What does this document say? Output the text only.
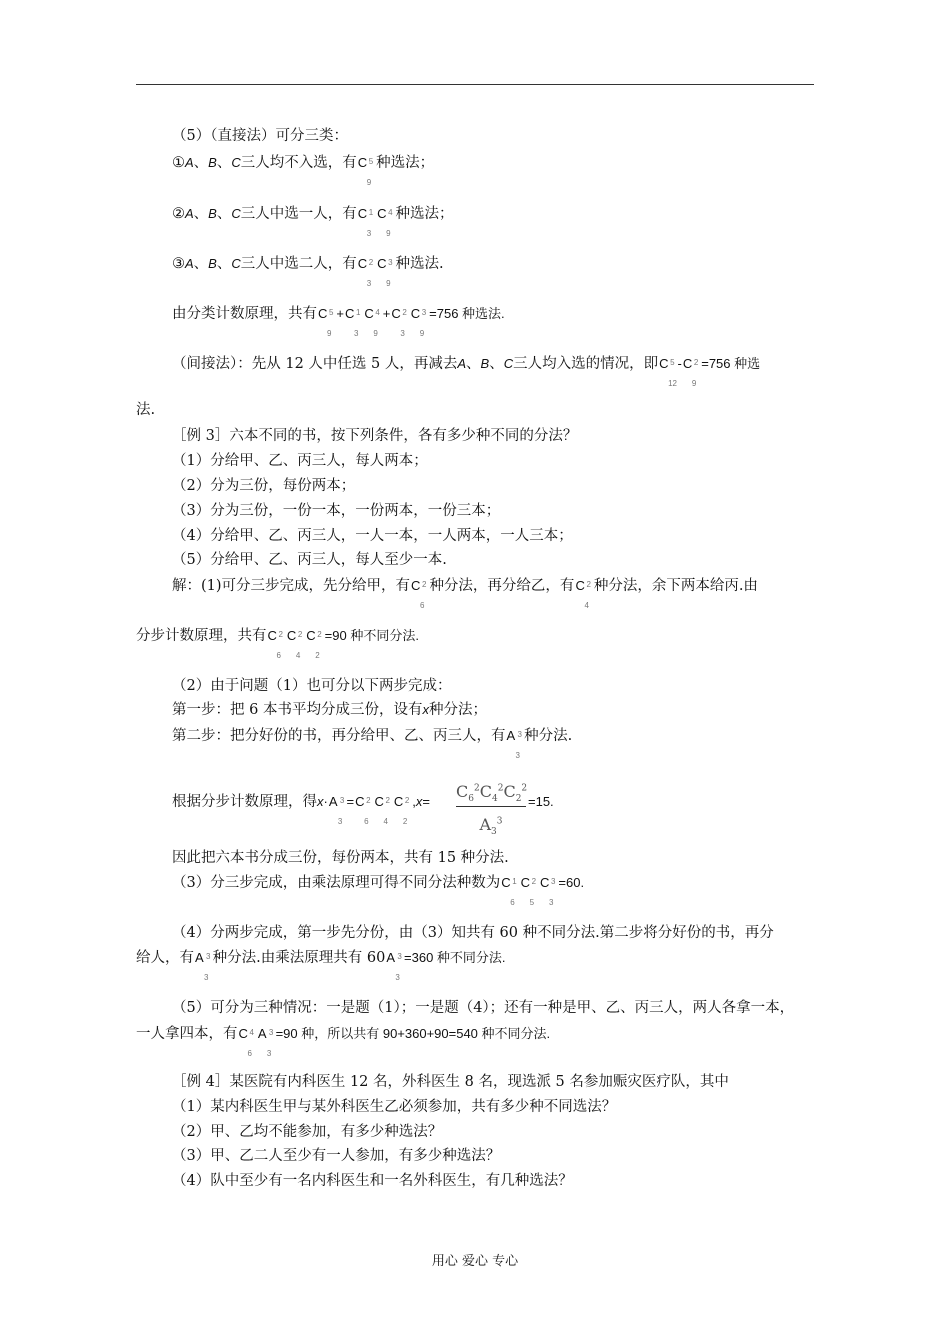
（5）（直接法）可分三类：
①A、B、C三人均不入选，有C 5
9
种选法；
②A、B、C三人中选一人，有C 1
3
C 4
9
种选法；
③A、B、C三人中选二人，有C 2
3
C 3
9
种选法.
由分类计数原理，共有C 5
9
+C 1
3
C 4
9
+C 2
3
C 3
9
=756 种选法.
（间接法）：先从 12 人中任选 5 人，再减去A、B、C三人均入选的情况，即C 5
12
-C 2
9
=756 种选
法.
［例 3］六本不同的书，按下列条件，各有多少种不同的分法？
（1）分给甲、乙、丙三人，每人两本；
（2）分为三份，每份两本；
（3）分为三份，一份一本，一份两本，一份三本；
（4）分给甲、乙、丙三人，一人一本，一人两本，一人三本；
（5）分给甲、乙、丙三人，每人至少一本.
解：(1)可分三步完成，先分给甲，有C 2
6
种分法，再分给乙，有C 2
4
种分法，余下两本给丙.由
分步计数原理，共有C 2
6
C 2
4
C 2
2
=90 种不同分法.
（2）由于问题（1）也可分以下两步完成：
第一步：把 6 本书平均分成三份，设有x种分法；
第二步：把分好份的书，再分给甲、乙、丙三人，有A 3
3
种分法.
根据分步计数原理，得x·A 3
3
=C 2
6
C 2
4
C 2
2
$,x= \frac{C_6^2C_4^2C_2^2}{A_3^3} =15$.
因此把六本书分成三份，每份两本，共有 15 种分法.
（3）分三步完成，由乘法原理可得不同分法种数为C 1
6
C 2
5
C 3
3
=60.
（4）分两步完成，第一步先分份，由（3）知共有 60 种不同分法.第二步将分好份的书，再分
给人，有A 3
3
种分法.由乘法原理共有 60A 3
3
=360 种不同分法.
（5）可分为三种情况：一是题（1）；一是题（4）；还有一种是甲、乙、丙三人，两人各拿一本，
一人拿四本，有C 4
6
A 3
3
=90 种，所以共有 90+360+90=540 种不同分法.
［例 4］某医院有内科医生 12 名，外科医生 8 名，现选派 5 名参加赈灾医疗队，其中
（1）某内科医生甲与某外科医生乙必须参加，共有多少种不同选法？
（2）甲、乙均不能参加，有多少种选法？
（3）甲、乙二人至少有一人参加，有多少种选法？
（4）队中至少有一名内科医生和一名外科医生，有几种选法？
用心 爱心 专心
